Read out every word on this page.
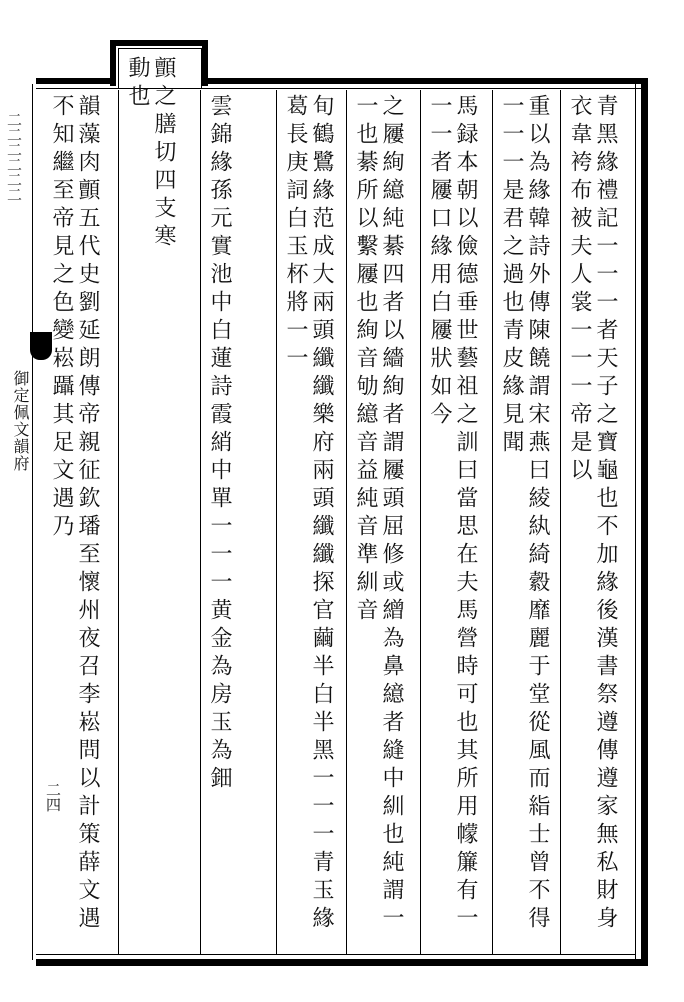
二二二二二二
御定佩文韻府
二四	青黑緣禮記一一一者天子之寶龜也不加緣後漢書祭遵傳遵家無私財身衣韋袴布被夫人裳一一一帝是以
重以為緣韓詩外傳陳饒謂宋燕曰綾紈綺縠靡麗于堂從風而𥿻士曾不得一一一是君之過也青皮緣見聞
馬録本朝以儉德垂世藝祖之訓曰當思在夫馬營時可也其所用幪簾有一一一者屨口緣用白屨狀如今
之屨絢繶純綦四者以繬絢者謂屨頭屈修或繒為鼻繶者縫中紃也純謂一一也綦所以繫屨也絢音劬繶音益純音準紃音
旬鶴鷺緣范成大兩頭纖纖樂府兩頭纖纖探官繭半白半黑一一一青玉緣葛長庚詞白玉杯將一一
雲錦緣孫元實池中白蓮詩霞綃中單一一一黄金為房玉為鈿
顫之膳切四支寒動也
韻藻肉顫五代史劉延朗傳帝親征欽璠至懷州夜召李崧問以計策薛文遇不知繼至帝見之色變崧躡其足文遇乃
